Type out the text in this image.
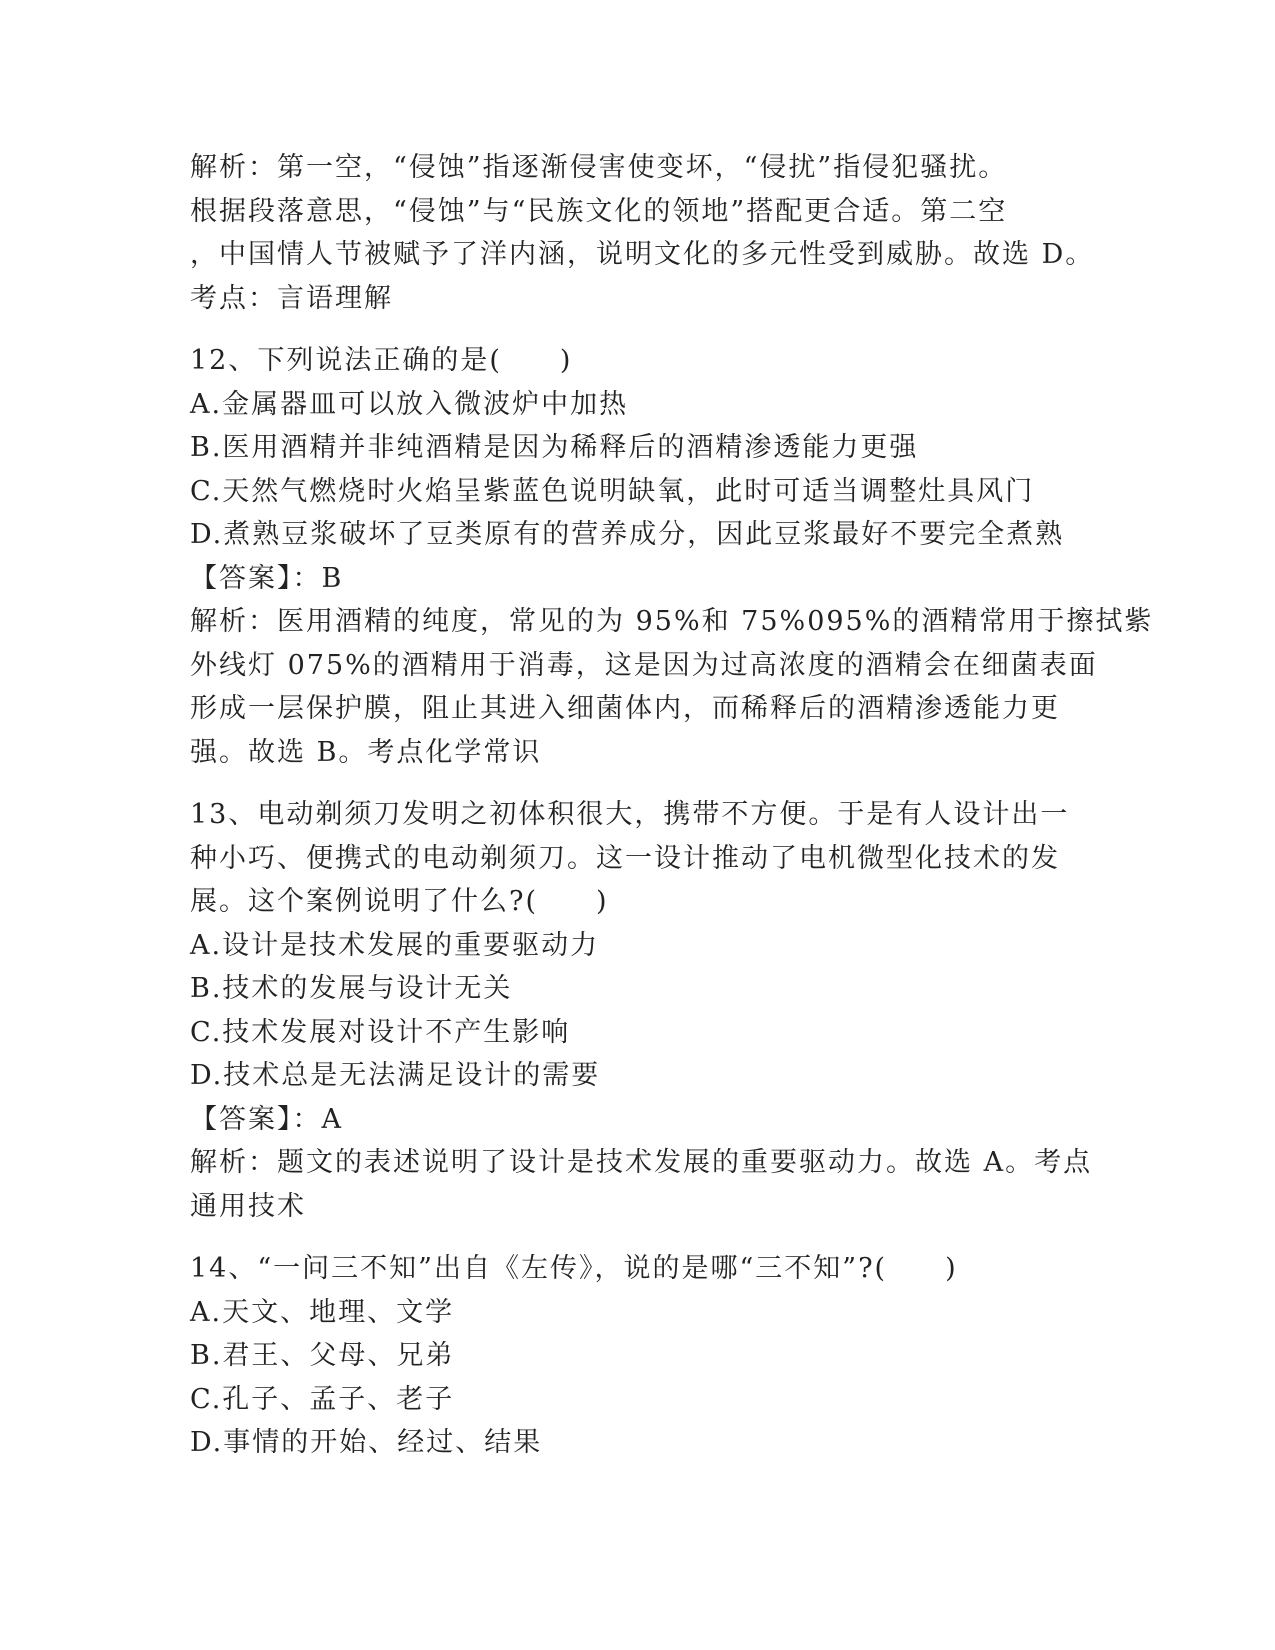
解析：第一空，“侵蚀”指逐渐侵害使变坏，“侵扰”指侵犯骚扰。
根据段落意思，“侵蚀”与“民族文化的领地”搭配更合适。第二空
，中国情人节被赋予了洋内涵，说明文化的多元性受到威胁。故选 D。
考点：言语理解
12、下列说法正确的是(　　)
A.金属器皿可以放入微波炉中加热
B.医用酒精并非纯酒精是因为稀释后的酒精渗透能力更强
C.天然气燃烧时火焰呈紫蓝色说明缺氧，此时可适当调整灶具风门
D.煮熟豆浆破坏了豆类原有的营养成分，因此豆浆最好不要完全煮熟
【答案】：B
解析：医用酒精的纯度，常见的为 95%和 75%095%的酒精常用于擦拭紫
外线灯 075%的酒精用于消毒，这是因为过高浓度的酒精会在细菌表面
形成一层保护膜，阻止其进入细菌体内，而稀释后的酒精渗透能力更
强。故选 B。考点化学常识
13、电动剃须刀发明之初体积很大，携带不方便。于是有人设计出一
种小巧、便携式的电动剃须刀。这一设计推动了电机微型化技术的发
展。这个案例说明了什么?(　　)
A.设计是技术发展的重要驱动力
B.技术的发展与设计无关
C.技术发展对设计不产生影响
D.技术总是无法满足设计的需要
【答案】：A
解析：题文的表述说明了设计是技术发展的重要驱动力。故选 A。考点
通用技术
14、“一问三不知”出自《左传》，说的是哪“三不知”?(　　)
A.天文、地理、文学
B.君王、父母、兄弟
C.孔子、孟子、老子
D.事情的开始、经过、结果
